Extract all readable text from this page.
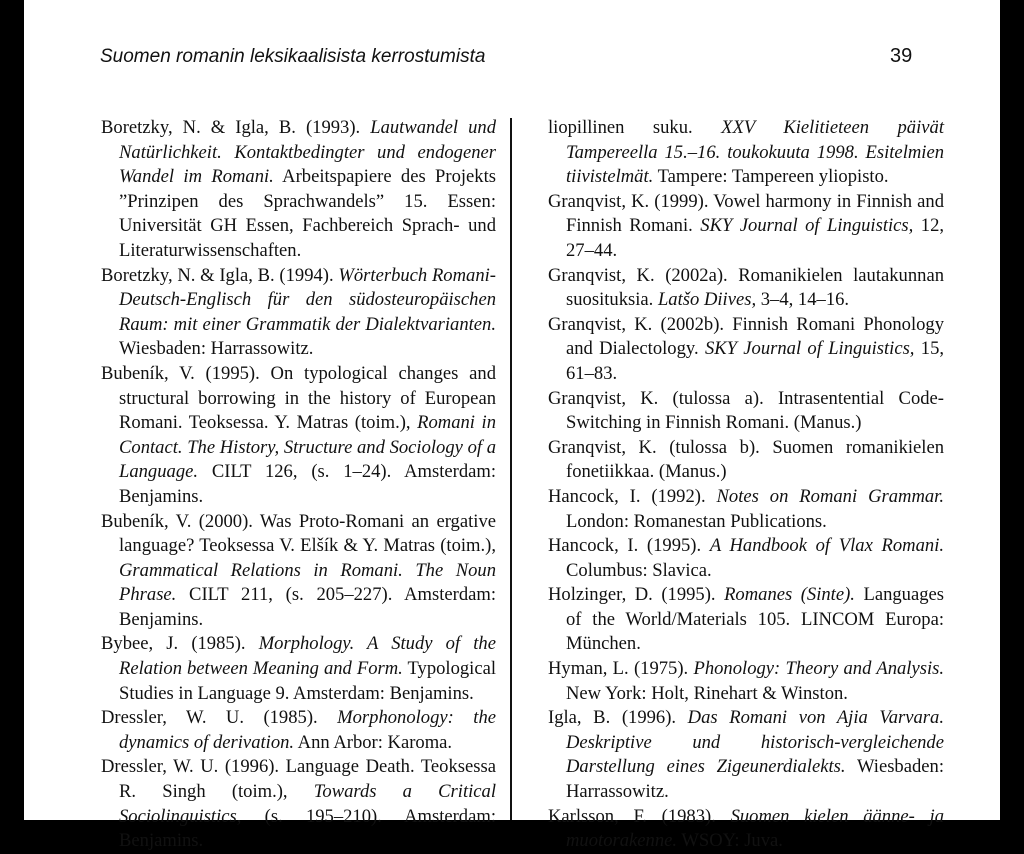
Suomen romanin leksikaalisista kerrostumista	39

Boretzky, N. & Igla, B. (1993). Lautwandel und Natürlichkeit. Kontaktbedingter und endogener Wandel im Romani. Arbeitspapiere des Projekts ”Prinzipen des Sprachwandels” 15. Essen: Universität GH Essen, Fachbereich Sprach- und Literaturwissenschaften.

Boretzky, N. & Igla, B. (1994). Wörterbuch Romani-Deutsch-Englisch für den südosteuropäischen Raum: mit einer Grammatik der Dialektvarianten. Wiesbaden: Harrassowitz.

Bubeník, V. (1995). On typological changes and structural borrowing in the history of European Romani. Teoksessa. Y. Matras (toim.), Romani in Contact. The History, Structure and Sociology of a Language. CILT 126, (s. 1–24). Amsterdam: Benjamins.

Bubeník, V. (2000). Was Proto-Romani an ergative language? Teoksessa V. Elšík & Y. Matras (toim.), Grammatical Relations in Romani. The Noun Phrase. CILT 211, (s. 205–227). Amsterdam: Benjamins.

Bybee, J. (1985). Morphology. A Study of the Relation between Meaning and Form. Typological Studies in Language 9. Amsterdam: Benjamins.

Dressler, W. U. (1985). Morphonology: the dynamics of derivation. Ann Arbor: Karoma.

Dressler, W. U. (1996). Language Death. Teoksessa R. Singh (toim.), Towards a Critical Sociolinguistics, (s. 195–210). Amsterdam: Benjamins.

liopillinen suku. XXV Kielitieteen päivät Tampereella 15.–16. toukokuuta 1998. Esitelmien tiivistelmät. Tampere: Tampereen yliopisto.

Granqvist, K. (1999). Vowel harmony in Finnish and Finnish Romani. SKY Journal of Linguistics, 12, 27–44.

Granqvist, K. (2002a). Romanikielen lautakunnan suosituksia. Latšo Diives, 3–4, 14–16.

Granqvist, K. (2002b). Finnish Romani Phonology and Dialectology. SKY Journal of Linguistics, 15, 61–83.

Granqvist, K. (tulossa a). Intrasentential Code-Switching in Finnish Romani. (Manus.)

Granqvist, K. (tulossa b). Suomen romanikielen fonetiikkaa. (Manus.)

Hancock, I. (1992). Notes on Romani Grammar. London: Romanestan Publications.

Hancock, I. (1995). A Handbook of Vlax Romani. Columbus: Slavica.

Holzinger, D. (1995). Romanes (Sinte). Languages of the World/Materials 105. LINCOM Europa: München.

Hyman, L. (1975). Phonology: Theory and Analysis. New York: Holt, Rinehart & Winston.

Igla, B. (1996). Das Romani von Ajia Varvara. Deskriptive und historisch-vergleichende Darstellung eines Zigeunerdialekts. Wiesbaden: Harrassowitz.

Karlsson, F. (1983). Suomen kielen äänne- ja muotorakenne. WSOY: Juva.
